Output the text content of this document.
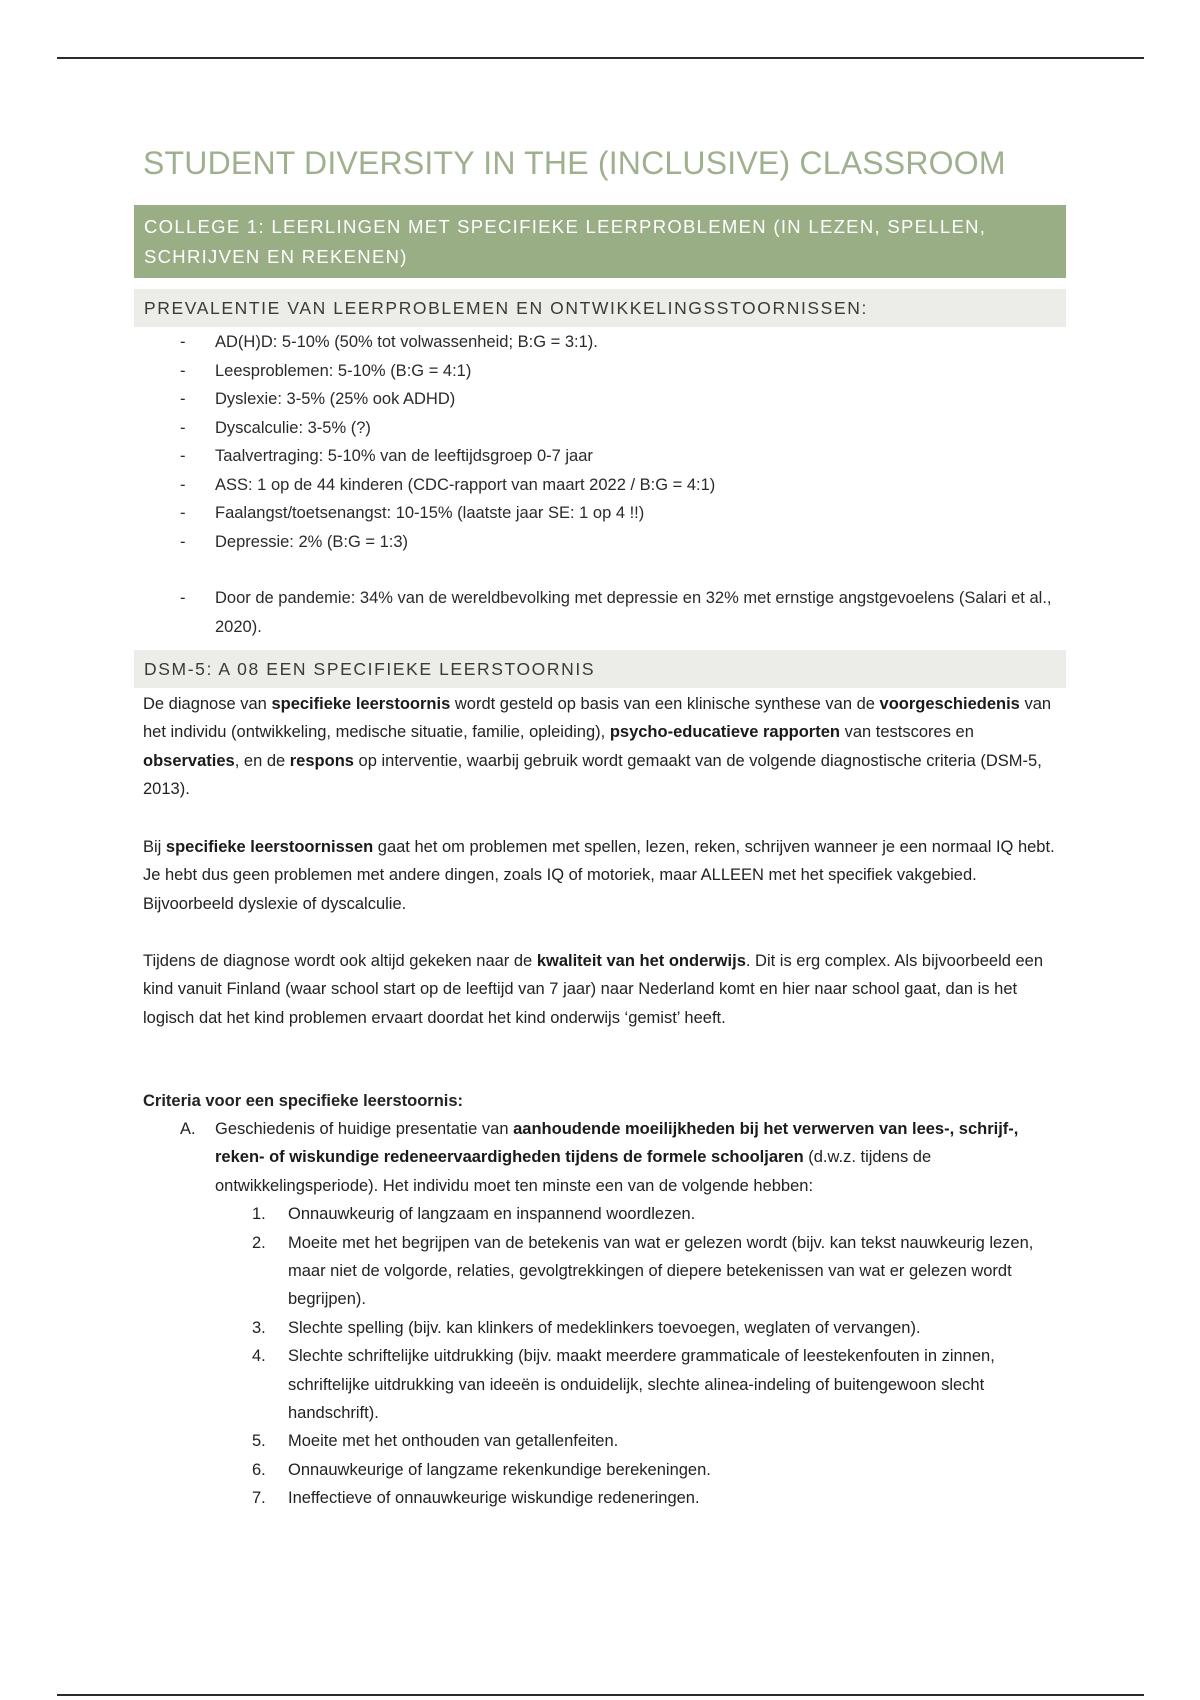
STUDENT DIVERSITY IN THE (INCLUSIVE) CLASSROOM
COLLEGE 1: LEERLINGEN MET SPECIFIEKE LEERPROBLEMEN (IN LEZEN, SPELLEN, SCHRIJVEN EN REKENEN)
PREVALENTIE VAN LEERPROBLEMEN EN ONTWIKKELINGSSTOORNISSEN:
- AD(H)D: 5-10% (50% tot volwassenheid; B:G = 3:1).
- Leesproblemen: 5-10% (B:G = 4:1)
- Dyslexie: 3-5% (25% ook ADHD)
- Dyscalculie: 3-5% (?)
- Taalvertraging: 5-10% van de leeftijdsgroep 0-7 jaar
- ASS: 1 op de 44 kinderen (CDC-rapport van maart 2022 / B:G = 4:1)
- Faalangst/toetsenangst: 10-15% (laatste jaar SE: 1 op 4 !!)
- Depressie: 2% (B:G = 1:3)
- Door de pandemie: 34% van de wereldbevolking met depressie en 32% met ernstige angstgevoelens (Salari et al., 2020).
DSM-5: A 08 EEN SPECIFIEKE LEERSTOORNIS

De diagnose van specifieke leerstoornis wordt gesteld op basis van een klinische synthese van de voorgeschiedenis van het individu (ontwikkeling, medische situatie, familie, opleiding), psycho-educatieve rapporten van testscores en observaties, en de respons op interventie, waarbij gebruik wordt gemaakt van de volgende diagnostische criteria (DSM-5, 2013).

Bij specifieke leerstoornissen gaat het om problemen met spellen, lezen, reken, schrijven wanneer je een normaal IQ hebt. Je hebt dus geen problemen met andere dingen, zoals IQ of motoriek, maar ALLEEN met het specifiek vakgebied. Bijvoorbeeld dyslexie of dyscalculie.

Tijdens de diagnose wordt ook altijd gekeken naar de kwaliteit van het onderwijs. Dit is erg complex. Als bijvoorbeeld een kind vanuit Finland (waar school start op de leeftijd van 7 jaar) naar Nederland komt en hier naar school gaat, dan is het logisch dat het kind problemen ervaart doordat het kind onderwijs ‘gemist’ heeft.

Criteria voor een specifieke leerstoornis:

A. Geschiedenis of huidige presentatie van aanhoudende moeilijkheden bij het verwerven van lees-, schrijf-, reken- of wiskundige redeneervaardigheden tijdens de formele schooljaren (d.w.z. tijdens de ontwikkelingsperiode). Het individu moet ten minste een van de volgende hebben:
1. Onnauwkeurig of langzaam en inspannend woordlezen.
2. Moeite met het begrijpen van de betekenis van wat er gelezen wordt (bijv. kan tekst nauwkeurig lezen, maar niet de volgorde, relaties, gevolgtrekkingen of diepere betekenissen van wat er gelezen wordt begrijpen).
3. Slechte spelling (bijv. kan klinkers of medeklinkers toevoegen, weglaten of vervangen).
4. Slechte schriftelijke uitdrukking (bijv. maakt meerdere grammaticale of leestekenfouten in zinnen, schriftelijke uitdrukking van ideeën is onduidelijk, slechte alinea-indeling of buitengewoon slecht handschrift).
5. Moeite met het onthouden van getallenfeiten.
6. Onnauwkeurige of langzame rekenkundige berekeningen.
7. Ineffectieve of onnauwkeurige wiskundige redeneringen.
